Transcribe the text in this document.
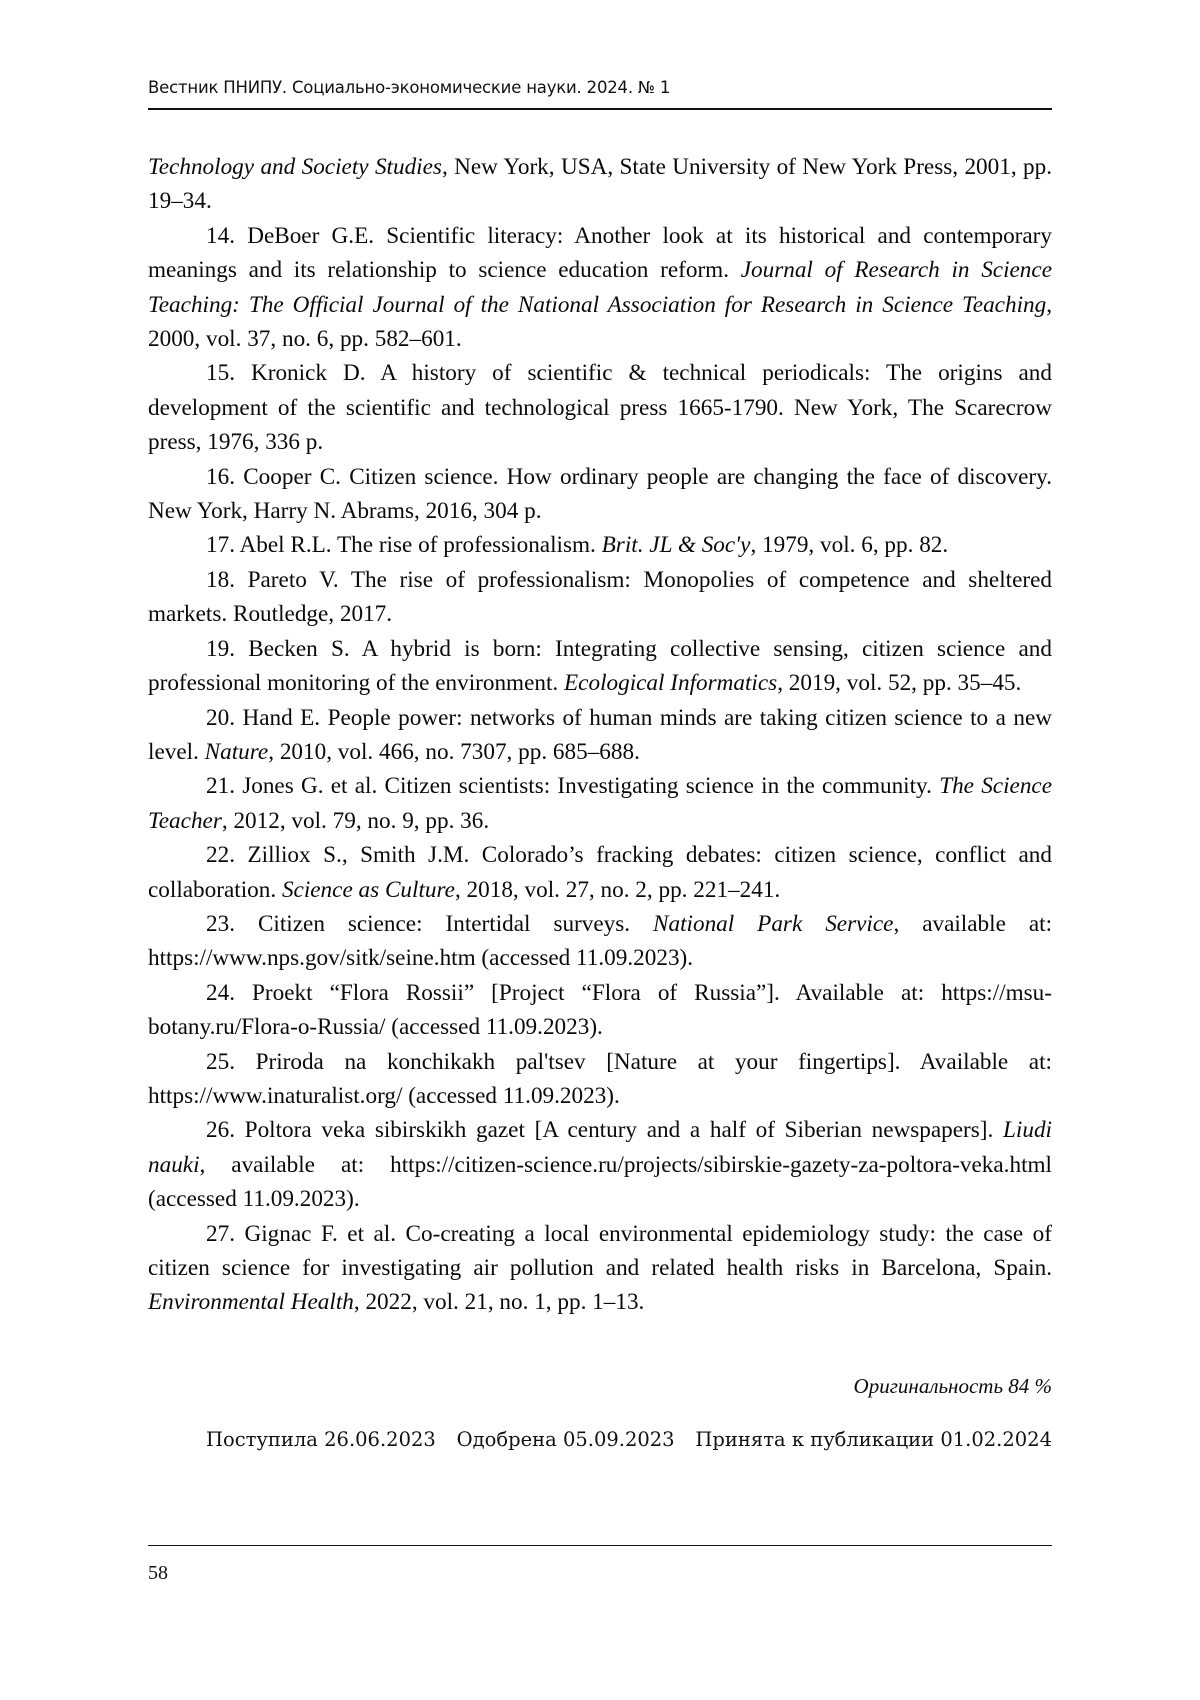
Вестник ПНИПУ. Социально-экономические науки. 2024. № 1

Technology and Society Studies, New York, USA, State University of New York Press, 2001, pp. 19–34.

14. DeBoer G.E. Scientific literacy: Another look at its historical and contemporary meanings and its relationship to science education reform. Journal of Research in Science Teaching: The Official Journal of the National Association for Research in Science Teaching, 2000, vol. 37, no. 6, pp. 582–601.

15. Kronick D. A history of scientific & technical periodicals: The origins and development of the scientific and technological press 1665-1790. New York, The Scarecrow press, 1976, 336 p.

16. Cooper C. Citizen science. How ordinary people are changing the face of discovery. New York, Harry N. Abrams, 2016, 304 p.

17. Abel R.L. The rise of professionalism. Brit. JL & Soc'y, 1979, vol. 6, pp. 82.

18. Pareto V. The rise of professionalism: Monopolies of competence and sheltered markets. Routledge, 2017.

19. Becken S. A hybrid is born: Integrating collective sensing, citizen science and professional monitoring of the environment. Ecological Informatics, 2019, vol. 52, pp. 35–45.

20. Hand E. People power: networks of human minds are taking citizen science to a new level. Nature, 2010, vol. 466, no. 7307, pp. 685–688.

21. Jones G. et al. Citizen scientists: Investigating science in the community. The Science Teacher, 2012, vol. 79, no. 9, pp. 36.

22. Zilliox S., Smith J.M. Colorado’s fracking debates: citizen science, conflict and collaboration. Science as Culture, 2018, vol. 27, no. 2, pp. 221–241.

23. Citizen science: Intertidal surveys. National Park Service, available at: https://www.nps.gov/sitk/seine.htm (accessed 11.09.2023).

24. Proekt “Flora Rossii” [Project “Flora of Russia”]. Available at: https://msu-botany.ru/Flora-o-Russia/ (accessed 11.09.2023).

25. Priroda na konchikakh pal'tsev [Nature at your fingertips]. Available at: https://www.inaturalist.org/ (accessed 11.09.2023).

26. Poltora veka sibirskikh gazet [A century and a half of Siberian newspapers]. Liudi nauki, available at: https://citizen-science.ru/projects/sibirskie-gazety-za-poltora-veka.html (accessed 11.09.2023).

27. Gignac F. et al. Co-creating a local environmental epidemiology study: the case of citizen science for investigating air pollution and related health risks in Barcelona, Spain. Environmental Health, 2022, vol. 21, no. 1, pp. 1–13.

Оригинальность 84 %
Поступила 26.06.2023 Одобрена 05.09.2023 Принята к публикации 01.02.2024
58
